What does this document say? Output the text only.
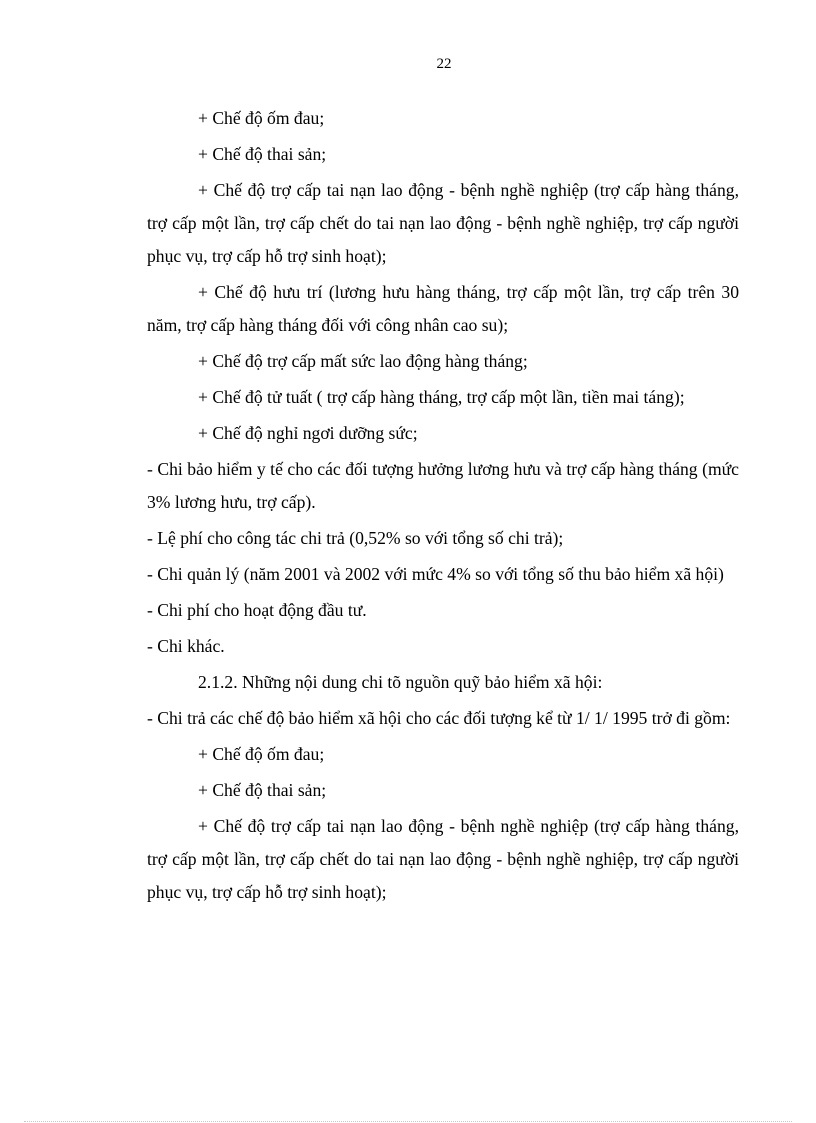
22

+ Chế độ ốm đau;

+ Chế độ thai sản;

+ Chế độ trợ cấp tai nạn lao động - bệnh nghề nghiệp (trợ cấp hàng tháng, trợ cấp một lần, trợ cấp chết do tai nạn lao động - bệnh nghề nghiệp, trợ cấp người phục vụ, trợ cấp hỗ trợ sinh hoạt);

+ Chế độ hưu trí (lương hưu hàng tháng, trợ cấp một lần, trợ cấp trên 30 năm, trợ cấp hàng tháng đối với công nhân cao su);

+ Chế độ trợ cấp mất sức lao động hàng tháng;

+ Chế độ tử tuất ( trợ cấp hàng tháng, trợ cấp một lần, tiền mai táng);

+ Chế độ nghỉ ngơi dưỡng sức;

- Chi bảo hiểm y tế cho các đối tượng hưởng lương hưu và trợ cấp hàng tháng (mức 3% lương hưu, trợ cấp).

- Lệ phí cho công tác chi trả (0,52% so với tổng số chi trả);

- Chi quản lý (năm 2001 và 2002 với mức 4% so với tổng số thu bảo hiểm xã hội)

- Chi phí cho hoạt động đầu tư.

- Chi khác.

2.1.2. Những nội dung chi tõ nguồn quỹ bảo hiểm xã hội:

- Chi trả các chế độ bảo hiểm xã hội cho các đối tượng kể từ 1/ 1/ 1995 trở đi gồm:

+ Chế độ ốm đau;

+ Chế độ thai sản;

+ Chế độ trợ cấp tai nạn lao động - bệnh nghề nghiệp (trợ cấp hàng tháng, trợ cấp một lần, trợ cấp chết do tai nạn lao động - bệnh nghề nghiệp, trợ cấp người phục vụ, trợ cấp hỗ trợ sinh hoạt);
